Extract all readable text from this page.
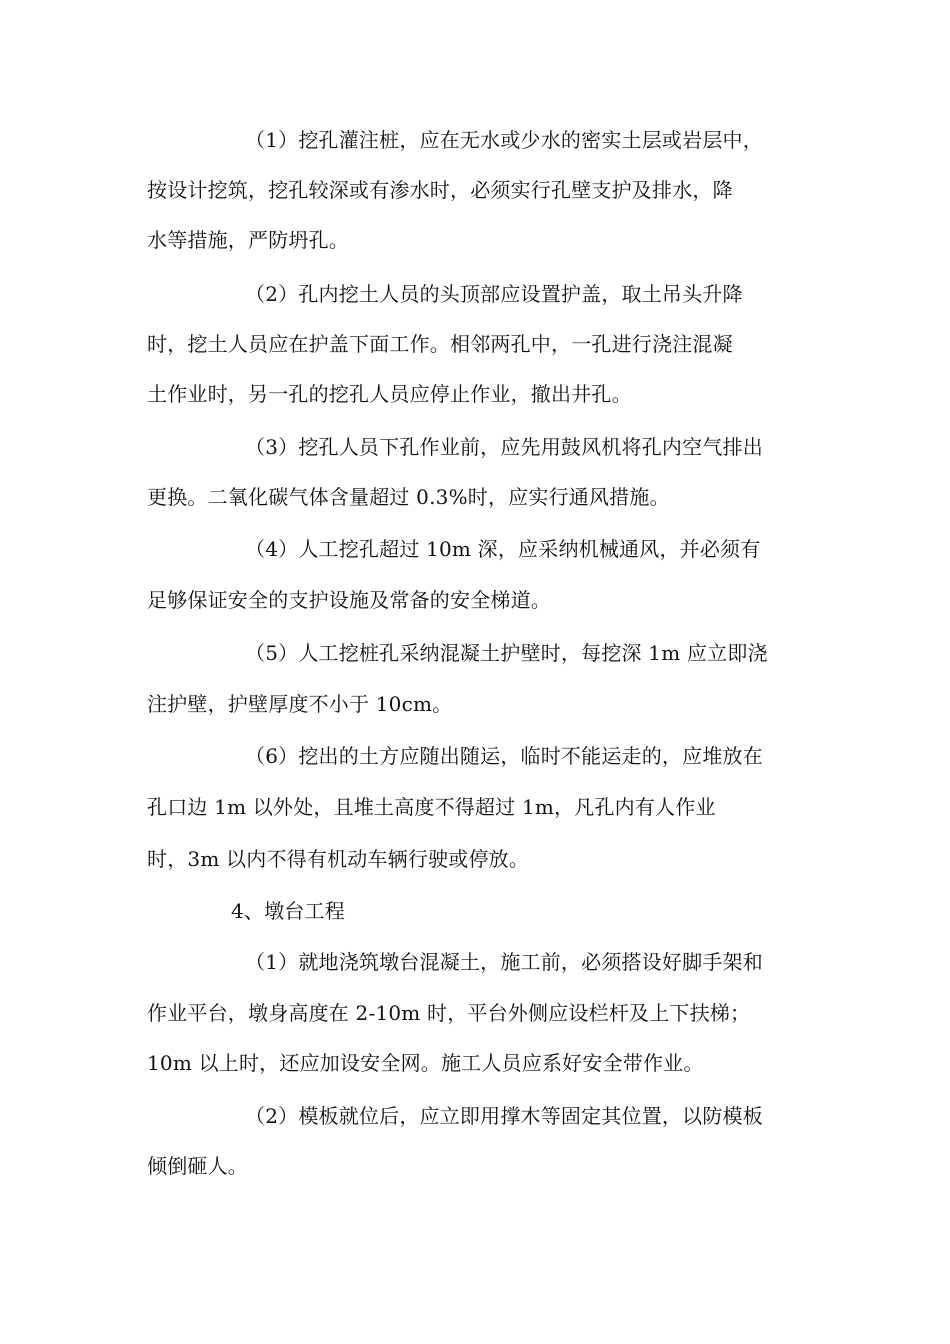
（1）挖孔灌注桩，应在无水或少水的密实土层或岩层中，
按设计挖筑，挖孔较深或有渗水时，必须实行孔壁支护及排水，降
水等措施，严防坍孔。
（2）孔内挖土人员的头顶部应设置护盖，取土吊头升降
时，挖土人员应在护盖下面工作。相邻两孔中，一孔进行浇注混凝
土作业时，另一孔的挖孔人员应停止作业，撤出井孔。
（3）挖孔人员下孔作业前，应先用鼓风机将孔内空气排出
更换。二氧化碳气体含量超过 0.3%时，应实行通风措施。
（4）人工挖孔超过 10m 深，应采纳机械通风，并必须有
足够保证安全的支护设施及常备的安全梯道。
（5）人工挖桩孔采纳混凝土护壁时，每挖深 1m 应立即浇
注护壁，护壁厚度不小于 10cm。
（6）挖出的土方应随出随运，临时不能运走的，应堆放在
孔口边 1m 以外处，且堆土高度不得超过 1m，凡孔内有人作业
时，3m 以内不得有机动车辆行驶或停放。
4、墩台工程
（1）就地浇筑墩台混凝土，施工前，必须搭设好脚手架和
作业平台，墩身高度在 2-10m 时，平台外侧应设栏杆及上下扶梯；
10m 以上时，还应加设安全网。施工人员应系好安全带作业。
（2）模板就位后，应立即用撑木等固定其位置，以防模板
倾倒砸人。
